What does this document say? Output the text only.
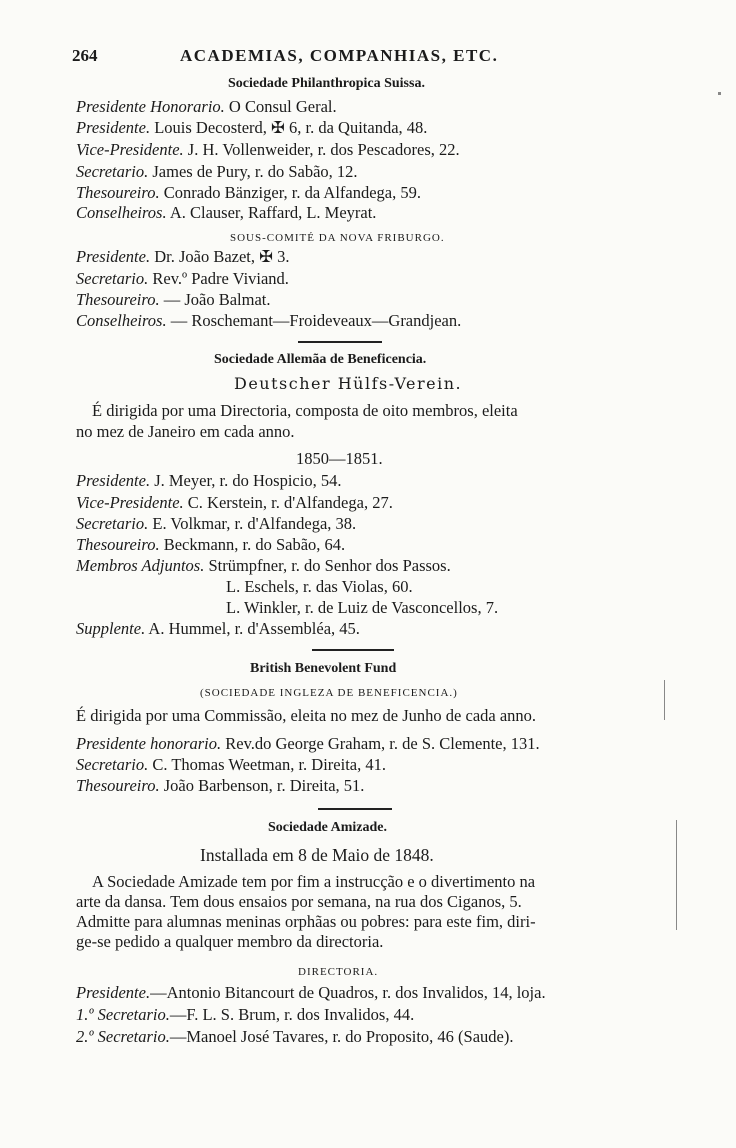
264	ACADEMIAS, COMPANHIAS, ETC.
Sociedade Philanthropica Suissa.
Presidente Honorario. O Consul Geral.
Presidente. Louis Decosterd, ✠ 6, r. da Quitanda, 48.
Vice-Presidente. J. H. Vollenweider, r. dos Pescadores, 22.
Secretario. James de Pury, r. do Sabão, 12.
Thesoureiro. Conrado Bänziger, r. da Alfandega, 59.
Conselheiros. A. Clauser, Raffard, L. Meyrat.
SOUS-COMITÉ DA NOVA FRIBURGO.
Presidente. Dr. João Bazet, ✠ 3.
Secretario. Rev.º Padre Viviand.
Thesoureiro. — João Balmat.
Conselheiros. — Roschemant—Froideveaux—Grandjean.
Sociedade Allemãa de Beneficencia.
Deutscher Hülfs-Verein.
É dirigida por uma Directoria, composta de oito membros, eleita
no mez de Janeiro em cada anno.
1850—1851.
Presidente. J. Meyer, r. do Hospicio, 54.
Vice-Presidente. C. Kerstein, r. d'Alfandega, 27.
Secretario. E. Volkmar, r. d'Alfandega, 38.
Thesoureiro. Beckmann, r. do Sabão, 64.
Membros Adjuntos. Strümpfner, r. do Senhor dos Passos.
L. Eschels, r. das Violas, 60.
L. Winkler, r. de Luiz de Vasconcellos, 7.
Supplente. A. Hummel, r. d'Assembléa, 45.
British Benevolent Fund
(SOCIEDADE INGLEZA DE BENEFICENCIA.)
É dirigida por uma Commissão, eleita no mez de Junho de cada anno.
Presidente honorario. Rev.do George Graham, r. de S. Clemente, 131.
Secretario. C. Thomas Weetman, r. Direita, 41.
Thesoureiro. João Barbenson, r. Direita, 51.
Sociedade Amizade.
Installada em 8 de Maio de 1848.
A Sociedade Amizade tem por fim a instrucção e o divertimento na
arte da dansa. Tem dous ensaios por semana, na rua dos Ciganos, 5.
Admitte para alumnas meninas orphãas ou pobres: para este fim, diri-
ge-se pedido a qualquer membro da directoria.
DIRECTORIA.
Presidente.—Antonio Bitancourt de Quadros, r. dos Invalidos, 14, loja.
1.º Secretario.—F. L. S. Brum, r. dos Invalidos, 44.
2.º Secretario.—Manoel José Tavares, r. do Proposito, 46 (Saude).
